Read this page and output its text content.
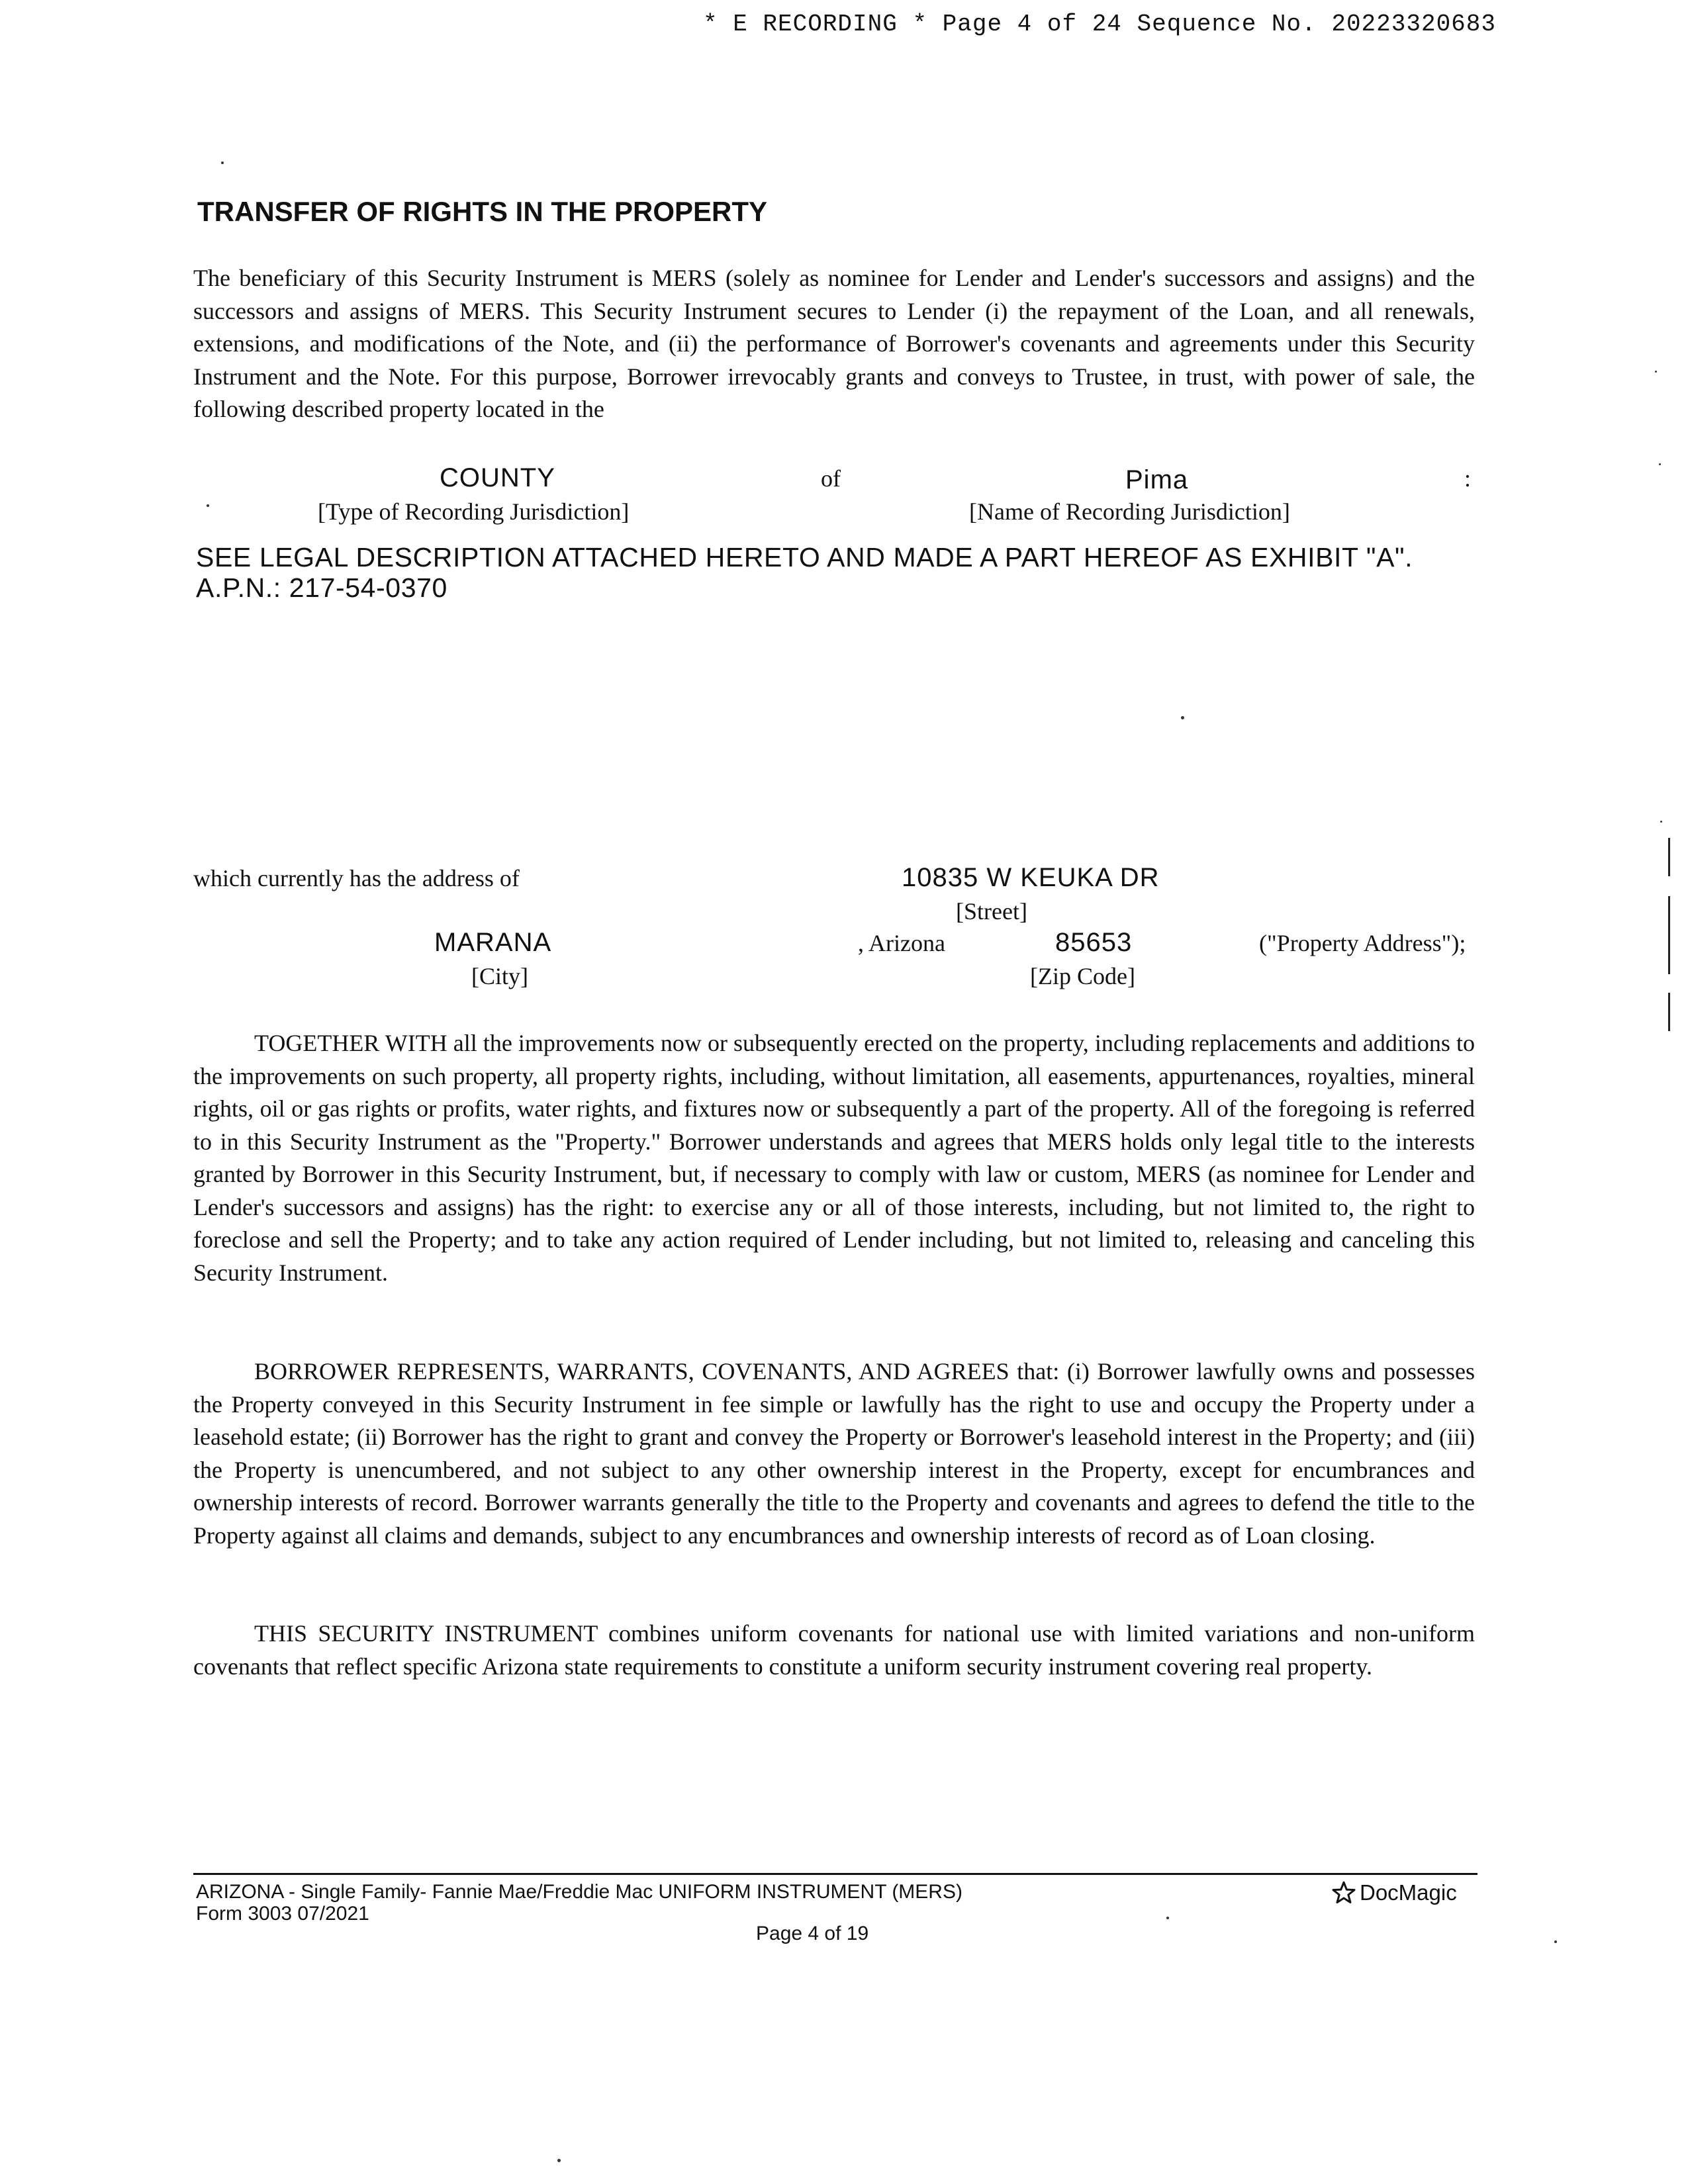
* E RECORDING * Page 4 of 24 Sequence No. 20223320683
TRANSFER OF RIGHTS IN THE PROPERTY

The beneficiary of this Security Instrument is MERS (solely as nominee for Lender and Lender's successors and assigns) and the successors and assigns of MERS. This Security Instrument secures to Lender (i) the repayment of the Loan, and all renewals, extensions, and modifications of the Note, and (ii) the performance of Borrower's covenants and agreements under this Security Instrument and the Note. For this purpose, Borrower irrevocably grants and conveys to Trustee, in trust, with power of sale, the following described property located in the

COUNTY	of	Pima	:
[Type of Recording Jurisdiction]	[Name of Recording Jurisdiction]
SEE LEGAL DESCRIPTION ATTACHED HERETO AND MADE A PART HEREOF AS EXHIBIT "A".
A.P.N.: 217-54-0370
which currently has the address of	10835 W KEUKA DR
[Street]
MARANA	, Arizona	85653	("Property Address");
[City]	[Zip Code]

TOGETHER WITH all the improvements now or subsequently erected on the property, including replacements and additions to the improvements on such property, all property rights, including, without limitation, all easements, appurtenances, royalties, mineral rights, oil or gas rights or profits, water rights, and fixtures now or subsequently a part of the property. All of the foregoing is referred to in this Security Instrument as the "Property." Borrower understands and agrees that MERS holds only legal title to the interests granted by Borrower in this Security Instrument, but, if necessary to comply with law or custom, MERS (as nominee for Lender and Lender's successors and assigns) has the right: to exercise any or all of those interests, including, but not limited to, the right to foreclose and sell the Property; and to take any action required of Lender including, but not limited to, releasing and canceling this Security Instrument.

BORROWER REPRESENTS, WARRANTS, COVENANTS, AND AGREES that: (i) Borrower lawfully owns and possesses the Property conveyed in this Security Instrument in fee simple or lawfully has the right to use and occupy the Property under a leasehold estate; (ii) Borrower has the right to grant and convey the Property or Borrower's leasehold interest in the Property; and (iii) the Property is unencumbered, and not subject to any other ownership interest in the Property, except for encumbrances and ownership interests of record. Borrower warrants generally the title to the Property and covenants and agrees to defend the title to the Property against all claims and demands, subject to any encumbrances and ownership interests of record as of Loan closing.

THIS SECURITY INSTRUMENT combines uniform covenants for national use with limited variations and non-uniform covenants that reflect specific Arizona state requirements to constitute a uniform security instrument covering real property.

ARIZONA - Single Family- Fannie Mae/Freddie Mac UNIFORM INSTRUMENT (MERS)
Form 3003 07/2021
Page 4 of 19
DocMagic
